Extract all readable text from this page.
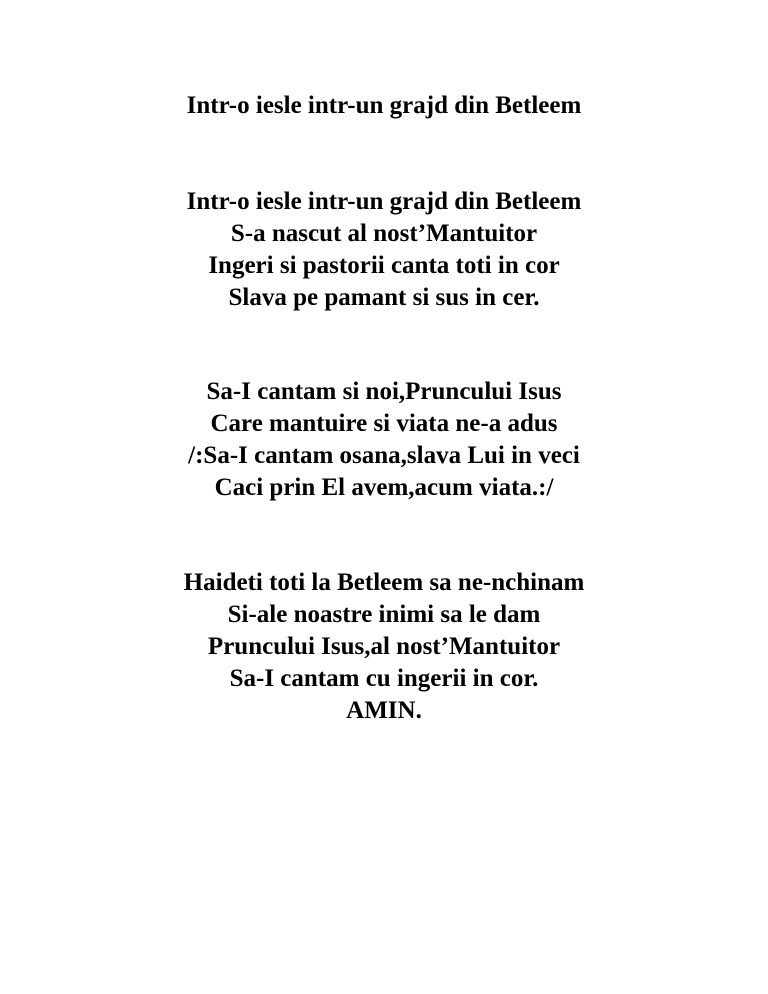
Intr-o iesle intr-un grajd din Betleem
Intr-o iesle intr-un grajd din Betleem
S-a nascut al nost’Mantuitor
Ingeri si pastorii canta toti in cor
Slava pe pamant si sus in cer.
Sa-I cantam si noi,Pruncului Isus
Care mantuire si viata ne-a adus
/:Sa-I cantam osana,slava Lui in veci
Caci prin El avem,acum viata.:/
Haideti toti la Betleem sa ne-nchinam
Si-ale noastre inimi sa le dam
Pruncului Isus,al nost’Mantuitor
Sa-I cantam cu ingerii in cor.
AMIN.
